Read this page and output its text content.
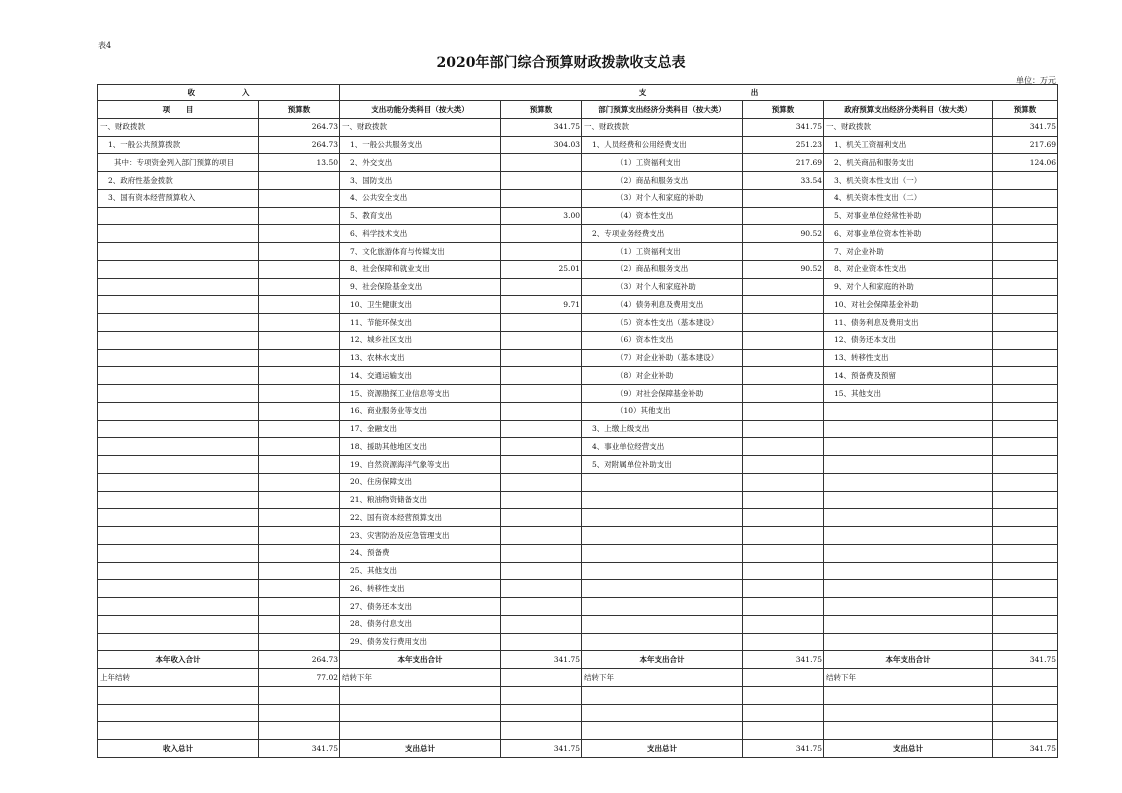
表4
2020年部门综合预算财政拨款收支总表
单位：万元
收                  入		支                                        出					
项      目	预算数	支出功能分类科目（按大类）	预算数	部门预算支出经济分类科目（按大类）	预算数	政府预算支出经济分类科目（按大类）	预算数
一、财政拨款	264.73	一、财政拨款	341.75	一、财政拨款	341.75	一、财政拨款	341.75
1、一般公共预算拨款	264.73	1、一般公共服务支出	304.03	1、人员经费和公用经费支出	251.23	1、机关工资福利支出	217.69
其中：专项资金列入部门预算的项目	13.50	2、外交支出		（1）工资福利支出	217.69	2、机关商品和服务支出	124.06
2、政府性基金拨款		3、国防支出		（2）商品和服务支出	33.54	3、机关资本性支出（一）	
3、国有资本经营预算收入		4、公共安全支出		（3）对个人和家庭的补助		4、机关资本性支出（二）	
		5、教育支出	3.00	（4）资本性支出		5、对事业单位经常性补助	
		6、科学技术支出		2、专项业务经费支出	90.52	6、对事业单位资本性补助	
		7、文化旅游体育与传媒支出		（1）工资福利支出		7、对企业补助	
		8、社会保障和就业支出	25.01	（2）商品和服务支出	90.52	8、对企业资本性支出	
		9、社会保险基金支出		（3）对个人和家庭补助		9、对个人和家庭的补助	
		10、卫生健康支出	9.71	（4）债务利息及费用支出		10、对社会保障基金补助	
		11、节能环保支出		（5）资本性支出（基本建设）		11、债务利息及费用支出	
		12、城乡社区支出		（6）资本性支出		12、债务还本支出	
		13、农林水支出		（7）对企业补助（基本建设）		13、转移性支出	
		14、交通运输支出		（8）对企业补助		14、预备费及预留	
		15、资源勘探工业信息等支出		（9）对社会保障基金补助		15、其他支出	
		16、商业服务业等支出		（10）其他支出			
		17、金融支出		3、上缴上级支出			
		18、援助其他地区支出		4、事业单位经营支出			
		19、自然资源海洋气象等支出		5、对附属单位补助支出			
		20、住房保障支出					
		21、粮油物资储备支出					
		22、国有资本经营预算支出					
		23、灾害防治及应急管理支出					
		24、预备费					
		25、其他支出					
		26、转移性支出					
		27、债务还本支出					
		28、债务付息支出					
		29、债务发行费用支出					
本年收入合计	264.73	本年支出合计	341.75	本年支出合计	341.75	本年支出合计	341.75
上年结转	77.02	结转下年		结转下年		结转下年	

收入总计	341.75	支出总计	341.75	支出总计	341.75	支出总计	341.75
